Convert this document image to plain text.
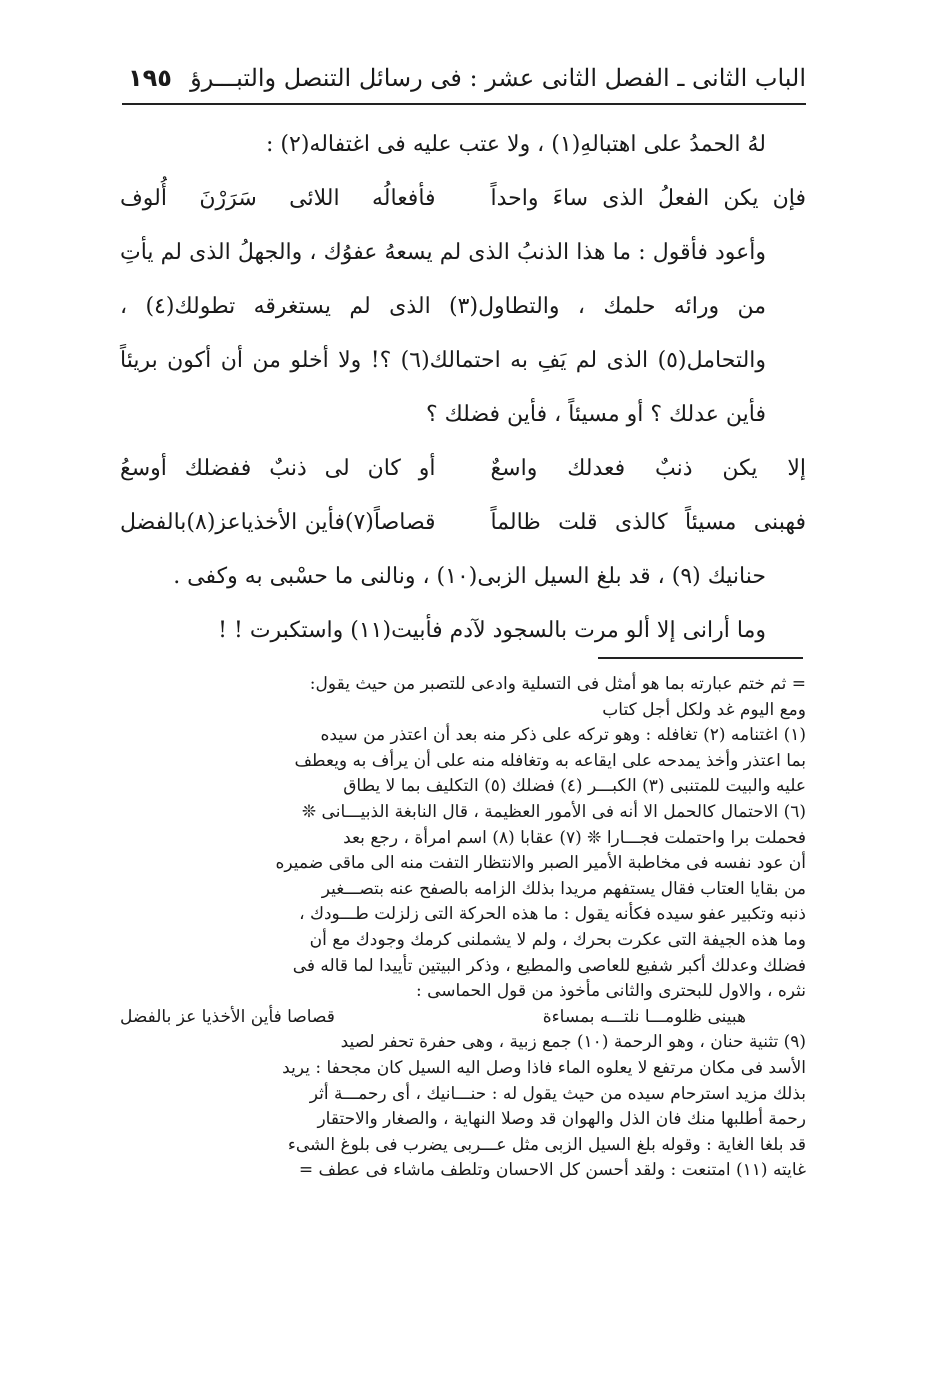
الباب الثانى ـ الفصل الثانى عشر : فى رسائل التنصل والتبـــرؤ
١٩٥

لهُ الحمدُ على اهتبالهِ(١) ، ولا عتب عليه فى اغتفاله(٢) :

فإن يكن الفعلُ الذى ساءَ واحداً
فأفعالُه اللائى سَرَرْنَ أُلوف

وأعود فأقول : ما هذا الذنبُ الذى لم يسعهُ عفوُك ، والجهلُ الذى لم يأتِ من ورائه حلمك ، والتطاول(٣) الذى لم يستغرقه تطولك(٤) ، والتحامل(٥) الذى لم يَفِ به احتمالك(٦) ؟! ولا أخلو من أن أكون بريئاً فأين عدلك ؟ أو مسيئاً ، فأين فضلك ؟

إلا يكن ذنبٌ فعدلك واسعٌ
أو كان لى ذنبٌ ففضلك أوسعُ
فهبنى مسيئاً كالذى قلت ظالماً
قصاصاً(٧)فأين الأخذياعز(٨)بالفضل

حنانيك (٩) ، قد بلغ السيل الزبى(١٠) ، ونالنى ما حسْبى به وكفى .

وما أرانى إلا ألو مرت بالسجود لآدم فأبيت(١١) واستكبرت ! !

= ثم ختم عبارته بما هو أمثل فى التسلية وادعى للتصبر من حيث يقول:

ومع اليوم غد ولكل أجل كتاب

(١) اغتنامه (٢) تغافله : وهو تركه على ذكر منه بعد أن اعتذر من سيده

بما اعتذر وأخذ يمدحه على ايقاعه به وتغافله منه على أن يرأف به ويعطف

عليه والبيت للمتنبى (٣) الكبـــر (٤) فضلك (٥) التكليف بما لا يطاق

(٦) الاحتمال كالحمل الا أنه فى الأمور العظيمة ، قال النابغة الذبيـــانى ❊

فحملت برا واحتملت فجـــارا ❊ (٧) عقابا (٨) اسم امرأة ، رجع بعد

أن عود نفسه فى مخاطبة الأمير الصبر والانتظار التفت منه الى ماقى ضميره

من بقايا العتاب فقال يستفهم مريدا بذلك الزامه بالصفح عنه بتصـــغير

ذنبه وتكبير عفو سيده فكأنه يقول : ما هذه الحركة التى زلزلت طـــودك ،

وما هذه الجيفة التى عكرت بحرك ، ولم لا يشملنى كرمك وجودك مع أن

فضلك وعدلك أكبر شفيع للعاصى والمطيع ، وذكر البيتين تأييدا لما قاله فى

نثره ، والاول للبحترى والثانى مأخوذ من قول الحماسى :

هبينى ظلومـــا نلتـــه بمساءة
قصاصا فأين الأخذيا عز بالفضل

(٩) تثنية حنان ، وهو الرحمة (١٠) جمع زبية ، وهى حفرة تحفر لصيد

الأسد فى مكان مرتفع لا يعلوه الماء فاذا وصل اليه السيل كان مجحفا : يريد

بذلك مزيد استرحام سيده من حيث يقول له : حنـــانيك ، أى رحمـــة أثر

رحمة أطلبها منك فان الذل والهوان قد وصلا النهاية ، والصغار والاحتقار

قد بلغا الغاية : وقوله بلغ السيل الزبى مثل عـــربى يضرب فى بلوغ الشىء

غايته (١١) امتنعت : ولقد أحسن كل الاحسان وتلطف ماشاء فى عطف =
